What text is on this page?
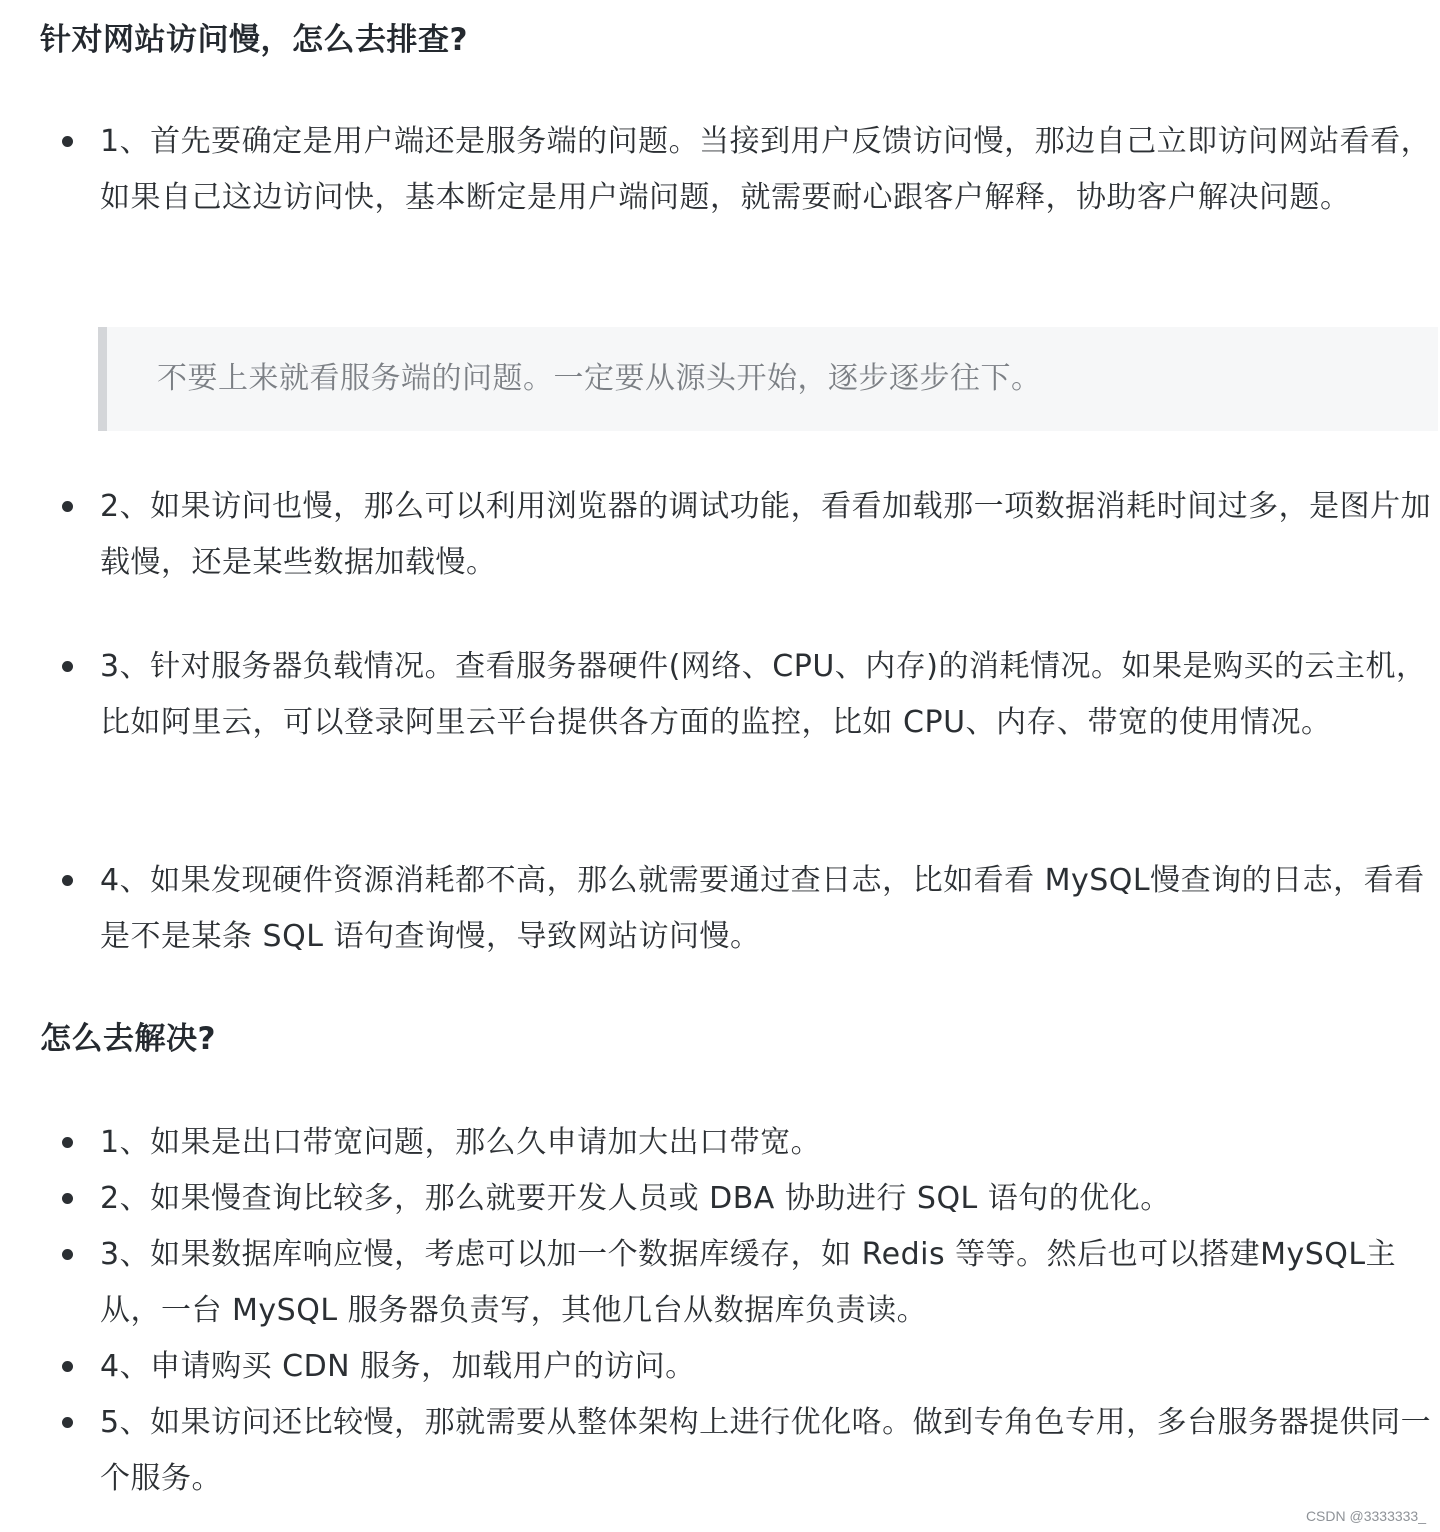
针对网站访问慢，怎么去排查?
1、首先要确定是用户端还是服务端的问题。当接到用户反馈访问慢，那边自己立即访问网站看看，如果自己这边访问快，基本断定是用户端问题，就需要耐心跟客户解释，协助客户解决问题。
不要上来就看服务端的问题。一定要从源头开始，逐步逐步往下。
2、如果访问也慢，那么可以利用浏览器的调试功能，看看加载那一项数据消耗时间过多，是图片加载慢，还是某些数据加载慢。
3、针对服务器负载情况。查看服务器硬件(网络、CPU、内存)的消耗情况。如果是购买的云主机，比如阿里云，可以登录阿里云平台提供各方面的监控，比如 CPU、内存、带宽的使用情况。
4、如果发现硬件资源消耗都不高，那么就需要通过查日志，比如看看 MySQL慢查询的日志，看看是不是某条 SQL 语句查询慢，导致网站访问慢。
怎么去解决?
1、如果是出口带宽问题，那么久申请加大出口带宽。
2、如果慢查询比较多，那么就要开发人员或 DBA 协助进行 SQL 语句的优化。
3、如果数据库响应慢，考虑可以加一个数据库缓存，如 Redis 等等。然后也可以搭建MySQL主从，一台 MySQL 服务器负责写，其他几台从数据库负责读。
4、申请购买 CDN 服务，加载用户的访问。
5、如果访问还比较慢，那就需要从整体架构上进行优化咯。做到专角色专用，多台服务器提供同一个服务。
CSDN @3333333_
